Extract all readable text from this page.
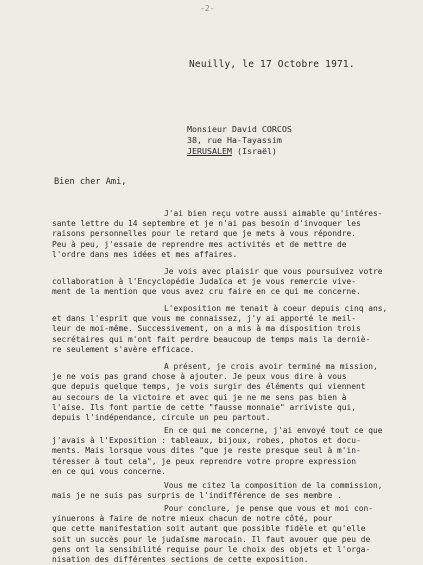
-2-
Neuilly, le 17 Octobre 1971.
Monsieur David CORCOS
38, rue Ha-Tayassim
JERUSALEM (Israël)
Bien cher Ami,
J'ai bien reçu votre aussi aimable qu'intéres-
sante lettre du 14 septembre et je n'ai pas besoin d'invoquer les
raisons personnelles pour le retard que je mets à vous répondre.
Peu à peu, j'essaie de reprendre mes activités et de mettre de
l'ordre dans mes idées et mes affaires.
Je vois avec plaisir que vous poursuivez votre
collaboration à l'Encyclopédie Judaïca et je vous remercie vive-
ment de la mention que vous avez cru faire en ce qui me concerne.
L'exposition me tenait à coeur depuis cinq ans,
et dans l'esprit que vous me connaissez, j'y ai apporté le meil-
leur de moi-même. Successivement, on a mis à ma disposition trois
secrétaires qui m'ont fait perdre beaucoup de temps mais la derniè-
re seulement s'avère efficace.
A présent, je crois avoir terminé ma mission,
je ne vois pas grand chose à ajouter. Je peux vous dire à vous
que depuis quelque temps, je vois surgir des éléments qui viennent
au secours de la victoire et avec qui je ne me sens pas bien à
l'aise. Ils font partie de cette "fausse monnaie" arriviste qui,
depuis l'indépendance, circule un peu partout.
En ce qui me concerne, j'ai envoyé tout ce que
j'avais à l'Exposition : tableaux, bijoux, robes, photos et docu-
ments. Mais lorsque vous dites "que je reste presque seul à m'in-
téresser à tout cela", je peux reprendre votre propre expression
en ce qui vous concerne.
Vous me citez la composition de la commission,
mais je ne suis pas surpris de l'indifférence de ses membre .
Pour conclure, je pense que vous et moi con-
yinuerons à faire de notre mieux chacun de notre côté, pour
que cette manifestation soit autant que possible fidèle et qu'elle
soit un succès pour le judaïsme marocain. Il faut avouer que peu de
gens ont la sensibilité requise pour le choix des objets et l'orga-
nisation des différentes sections de cette exposition.
